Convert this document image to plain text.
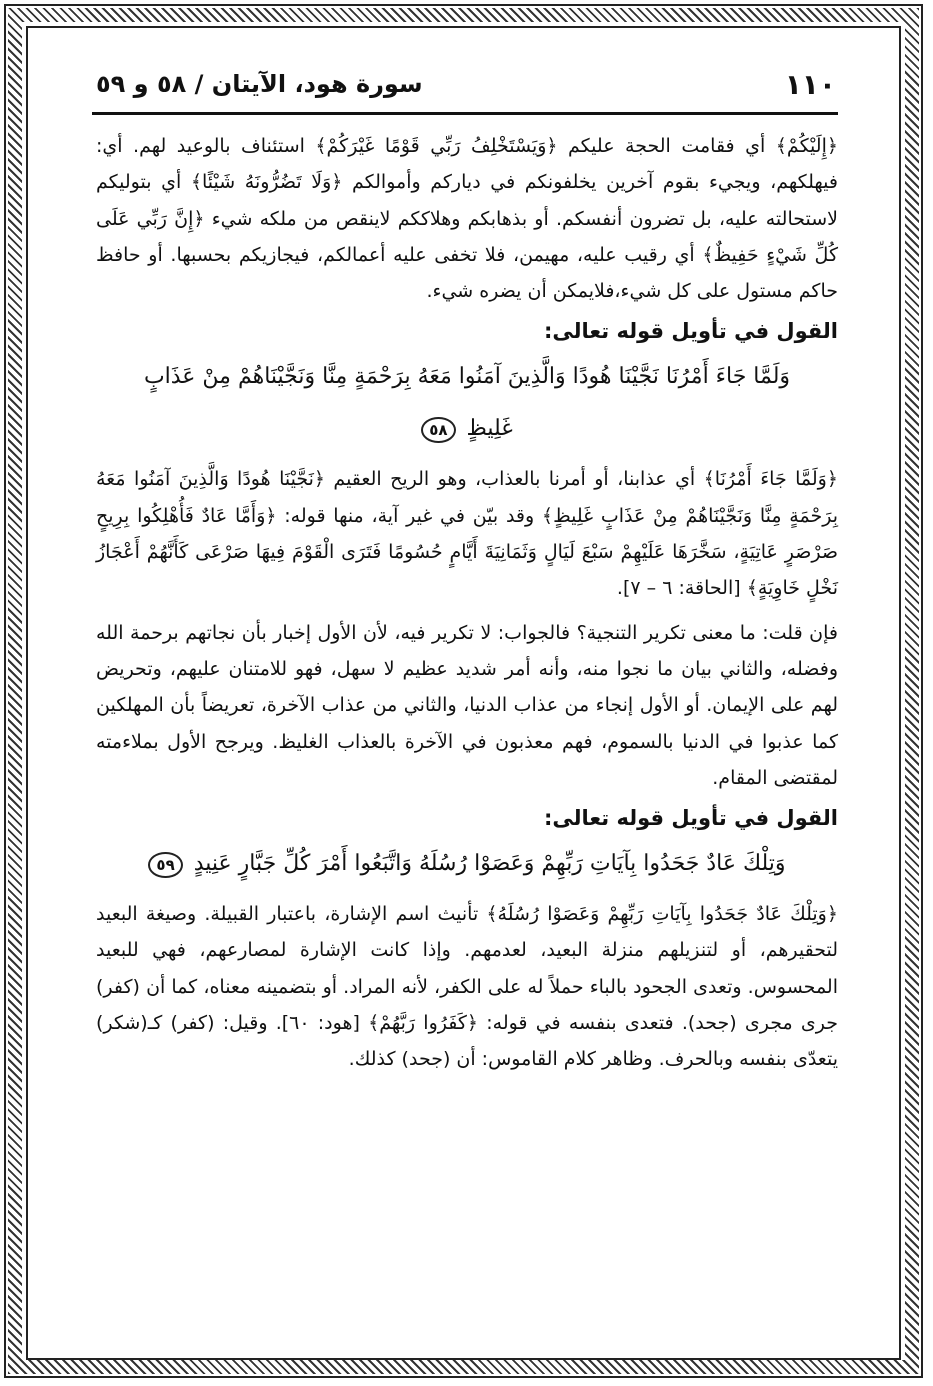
١١٠
سورة هود، الآيتان / ٥٨ و ٥٩

﴿إِلَيْكُمْ﴾ أي فقامت الحجة عليكم ﴿وَيَسْتَخْلِفُ رَبِّي قَوْمًا غَيْرَكُمْ﴾ استئناف بالوعيد لهم. أي: فيهلكهم، ويجيء بقوم آخرين يخلفونكم في دياركم وأموالكم ﴿وَلَا تَضُرُّونَهُ شَيْئًا﴾ أي بتوليكم لاستحالته عليه، بل تضرون أنفسكم. أو بذهابكم وهلاككم لاينقص من ملكه شيء ﴿إِنَّ رَبِّي عَلَى كُلِّ شَيْءٍ حَفِيظٌ﴾ أي رقيب عليه، مهيمن، فلا تخفى عليه أعمالكم، فيجازيكم بحسبها. أو حافظ حاكم مستول على كل شيء،فلايمكن أن يضره شيء.

القول في تأويل قوله تعالى:

وَلَمَّا جَاءَ أَمْرُنَا نَجَّيْنَا هُودًا وَالَّذِينَ آمَنُوا مَعَهُ بِرَحْمَةٍ مِنَّا وَنَجَّيْنَاهُمْ مِنْ عَذَابٍ

غَلِيظٍ ٥٨

﴿وَلَمَّا جَاءَ أَمْرُنَا﴾ أي عذابنا، أو أمرنا بالعذاب، وهو الريح العقيم ﴿نَجَّيْنَا هُودًا وَالَّذِينَ آمَنُوا مَعَهُ بِرَحْمَةٍ مِنَّا وَنَجَّيْنَاهُمْ مِنْ عَذَابٍ غَلِيظٍ﴾ وقد بيّن في غير آية، منها قوله: ﴿وَأَمَّا عَادٌ فَأُهْلِكُوا بِرِيحٍ صَرْصَرٍ عَاتِيَةٍ، سَخَّرَهَا عَلَيْهِمْ سَبْعَ لَيَالٍ وَثَمَانِيَةَ أَيَّامٍ حُسُومًا فَتَرَى الْقَوْمَ فِيهَا صَرْعَى كَأَنَّهُمْ أَعْجَازُ نَخْلٍ خَاوِيَةٍ﴾ [الحاقة: ٦ – ٧].

فإن قلت: ما معنى تكرير التنجية؟ فالجواب: لا تكرير فيه، لأن الأول إخبار بأن نجاتهم برحمة الله وفضله، والثاني بيان ما نجوا منه، وأنه أمر شديد عظيم لا سهل، فهو للامتنان عليهم، وتحريض لهم على الإيمان. أو الأول إنجاء من عذاب الدنيا، والثاني من عذاب الآخرة، تعريضاً بأن المهلكين كما عذبوا في الدنيا بالسموم، فهم معذبون في الآخرة بالعذاب الغليظ. ويرجح الأول بملاءمته لمقتضى المقام.

القول في تأويل قوله تعالى:

وَتِلْكَ عَادٌ جَحَدُوا بِآيَاتِ رَبِّهِمْ وَعَصَوْا رُسُلَهُ وَاتَّبَعُوا أَمْرَ كُلِّ جَبَّارٍ عَنِيدٍ ٥٩

﴿وَتِلْكَ عَادٌ جَحَدُوا بِآيَاتِ رَبِّهِمْ وَعَصَوْا رُسُلَهُ﴾ تأنيث اسم الإشارة، باعتبار القبيلة. وصيغة البعيد لتحقيرهم، أو لتنزيلهم منزلة البعيد، لعدمهم. وإذا كانت الإشارة لمصارعهم، فهي للبعيد المحسوس. وتعدى الجحود بالباء حملاً له على الكفر، لأنه المراد. أو بتضمينه معناه، كما أن (كفر) جرى مجرى (جحد). فتعدى بنفسه في قوله: ﴿كَفَرُوا رَبَّهُمْ﴾ [هود: ٦٠]. وقيل: (كفر) كـ(شكر) يتعدّى بنفسه وبالحرف. وظاهر كلام القاموس: أن (جحد) كذلك.
